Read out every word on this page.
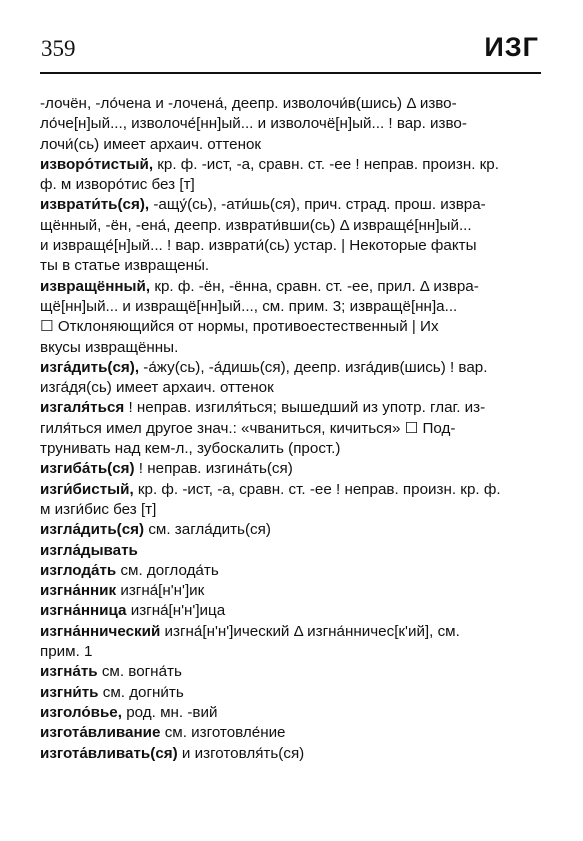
359	ИЗГ

-лочён, -ло́чена и -лочена́, деепр. изволочи́в(шись) Δ изво-
ло́че[н]ый..., изволоче́[нн]ый... и изволочё[н]ый... ! вар. изво-
лочи́(сь) имеет архаич. оттенок

изворо́тистый, кр. ф. -ист, -а, сравн. ст. -ее ! неправ. произн. кр.
ф. м изворо́тис без [т]

изврати́ть(ся), -ащу́(сь), -ати́шь(ся), прич. страд. прош. извра-
щённый, -ён, -ена́, деепр. изврати́вши(сь) Δ извраще́[нн]ый...
и извраще́[н]ый... ! вар. изврати́(сь) устар. | Некоторые факты
ты в статье извращены́.

извращённый, кр. ф. -ён, -ённа, сравн. ст. -ее, прил. Δ извра-
щё[нн]ый... и извращё[нн]ый..., см. прим. 3; извращё[нн]а...
☐ Отклоняющийся от нормы, противоестественный | Их
вкусы извращённы.

изга́дить(ся), -а́жу(сь), -а́дишь(ся), деепр. изга́див(шись) ! вар.
изга́дя(сь) имеет архаич. оттенок

изгаля́ться ! неправ. изгиля́ться; вышедший из употр. глаг. из-
гиля́ться имел другое знач.: «чваниться, кичиться» ☐ Под-
трунивать над кем-л., зубоскалить (прост.)

изгиба́ть(ся) ! неправ. изгина́ть(ся)

изги́бистый, кр. ф. -ист, -а, сравн. ст. -ее ! неправ. произн. кр. ф.
м изги́бис без [т]

изгла́дить(ся) см. загла́дить(ся)

изгла́дывать

изглода́ть см. доглода́ть

изгна́нник изгна́[н'н']ик

изгна́нница изгна́[н'н']ица

изгна́ннический изгна́[н'н']ический Δ изгна́нничес[к'ий], см.
прим. 1

изгна́ть см. вогна́ть

изгни́ть см. догни́ть

изголо́вье, род. мн. -вий

изгота́вливание см. изготовле́ние

изгота́вливать(ся) и изготовля́ть(ся)
